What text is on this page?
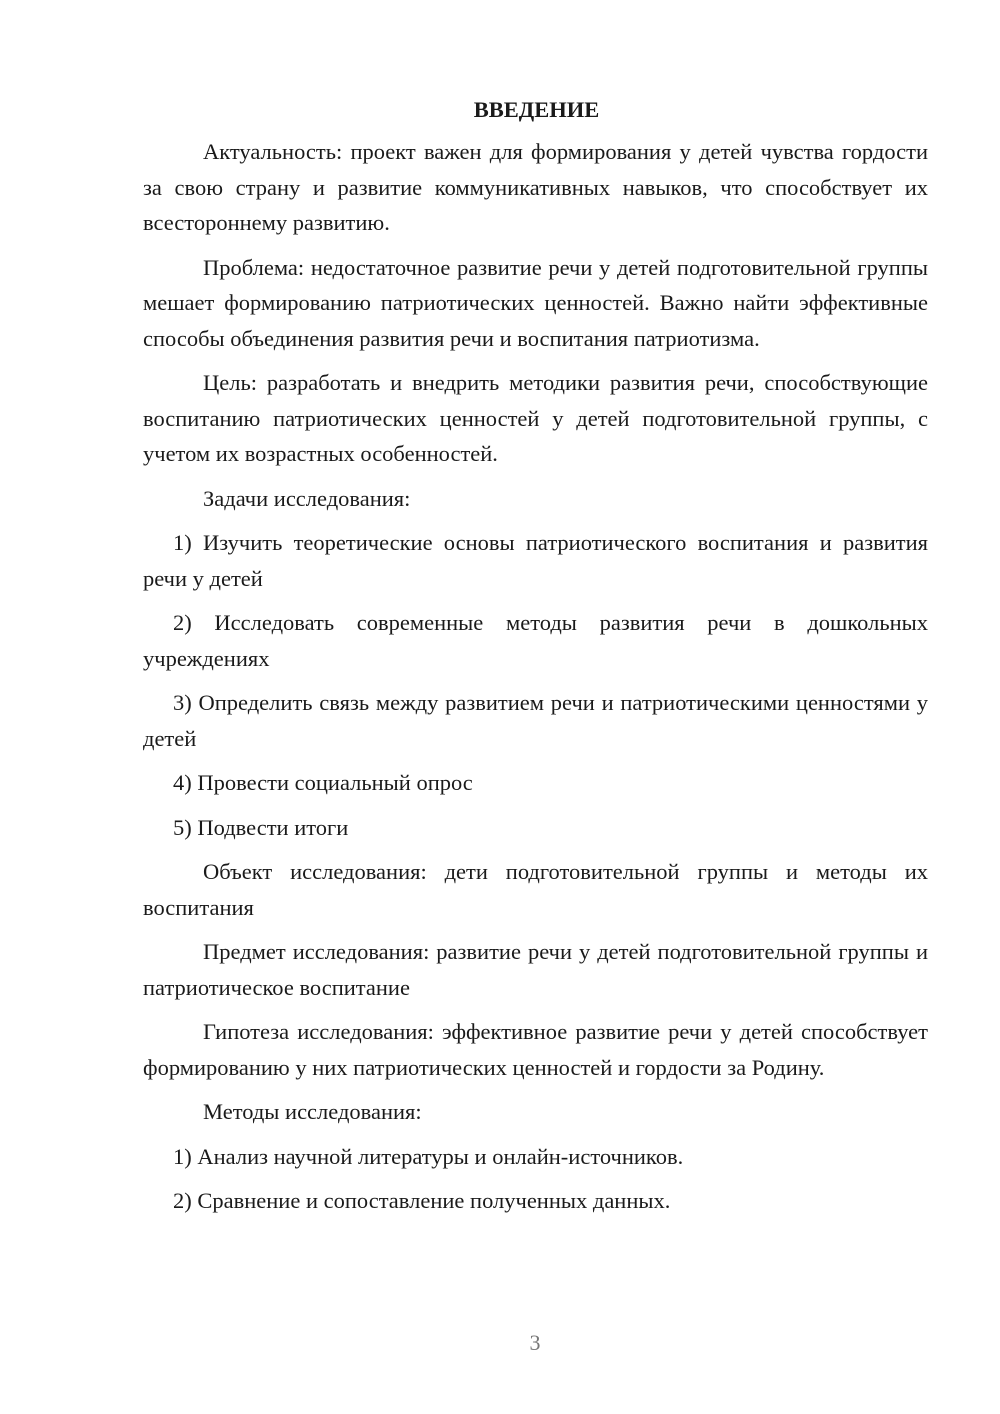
ВВЕДЕНИЕ

Актуальность: проект важен для формирования у детей чувства гордости за свою страну и развитие коммуникативных навыков, что способствует их всестороннему развитию.

Проблема: недостаточное развитие речи у детей подготовительной группы мешает формированию патриотических ценностей. Важно найти эффективные способы объединения развития речи и воспитания патриотизма.

Цель: разработать и внедрить методики развития речи, способствующие воспитанию патриотических ценностей у детей подготовительной группы, с учетом их возрастных особенностей.

Задачи исследования:

1) Изучить теоретические основы патриотического воспитания и развития речи у детей

2) Исследовать современные методы развития речи в дошкольных учреждениях

3) Определить связь между развитием речи и патриотическими ценностями у детей

4) Провести социальный опрос

5) Подвести итоги

Объект исследования: дети подготовительной группы и методы их воспитания

Предмет исследования: развитие речи у детей подготовительной группы и патриотическое воспитание

Гипотеза исследования: эффективное развитие речи у детей способствует формированию у них патриотических ценностей и гордости за Родину.

Методы исследования:

1) Анализ научной литературы и онлайн-источников.

2) Сравнение и сопоставление полученных данных.

3
